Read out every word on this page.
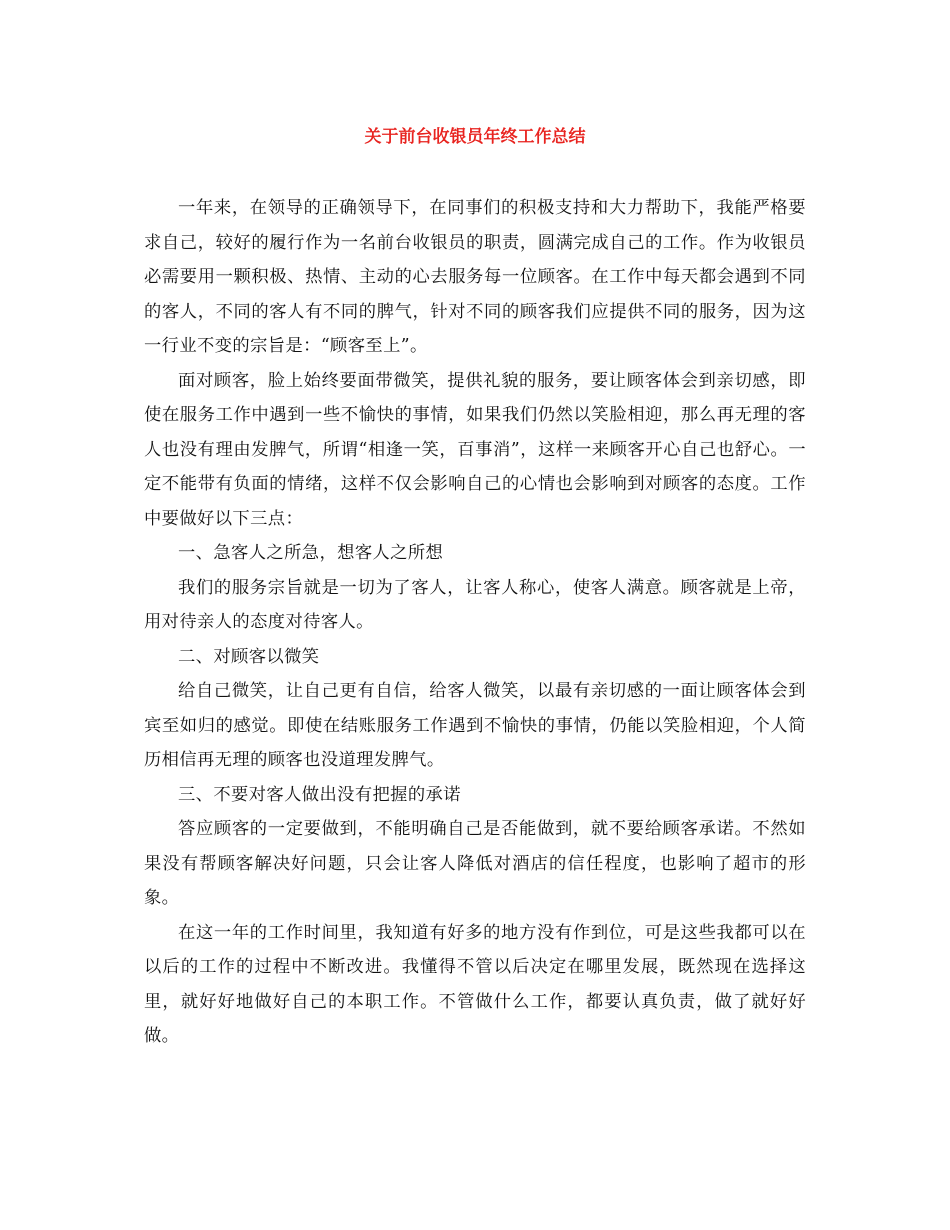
关于前台收银员年终工作总结

一年来，在领导的正确领导下，在同事们的积极支持和大力帮助下，我能严格要求自己，较好的履行作为一名前台收银员的职责，圆满完成自己的工作。作为收银员必需要用一颗积极、热情、主动的心去服务每一位顾客。在工作中每天都会遇到不同的客人，不同的客人有不同的脾气，针对不同的顾客我们应提供不同的服务，因为这一行业不变的宗旨是：“顾客至上”。

面对顾客，脸上始终要面带微笑，提供礼貌的服务，要让顾客体会到亲切感，即使在服务工作中遇到一些不愉快的事情，如果我们仍然以笑脸相迎，那么再无理的客人也没有理由发脾气，所谓“相逢一笑，百事消”，这样一来顾客开心自己也舒心。一定不能带有负面的情绪，这样不仅会影响自己的心情也会影响到对顾客的态度。工作中要做好以下三点：

一、急客人之所急，想客人之所想

我们的服务宗旨就是一切为了客人，让客人称心，使客人满意。顾客就是上帝，用对待亲人的态度对待客人。

二、对顾客以微笑

给自己微笑，让自己更有自信，给客人微笑，以最有亲切感的一面让顾客体会到宾至如归的感觉。即使在结账服务工作遇到不愉快的事情，仍能以笑脸相迎，个人简历相信再无理的顾客也没道理发脾气。

三、不要对客人做出没有把握的承诺

答应顾客的一定要做到，不能明确自己是否能做到，就不要给顾客承诺。不然如果没有帮顾客解决好问题，只会让客人降低对酒店的信任程度，也影响了超市的形象。

在这一年的工作时间里，我知道有好多的地方没有作到位，可是这些我都可以在以后的工作的过程中不断改进。我懂得不管以后决定在哪里发展，既然现在选择这里，就好好地做好自己的本职工作。不管做什么工作，都要认真负责，做了就好好做。
